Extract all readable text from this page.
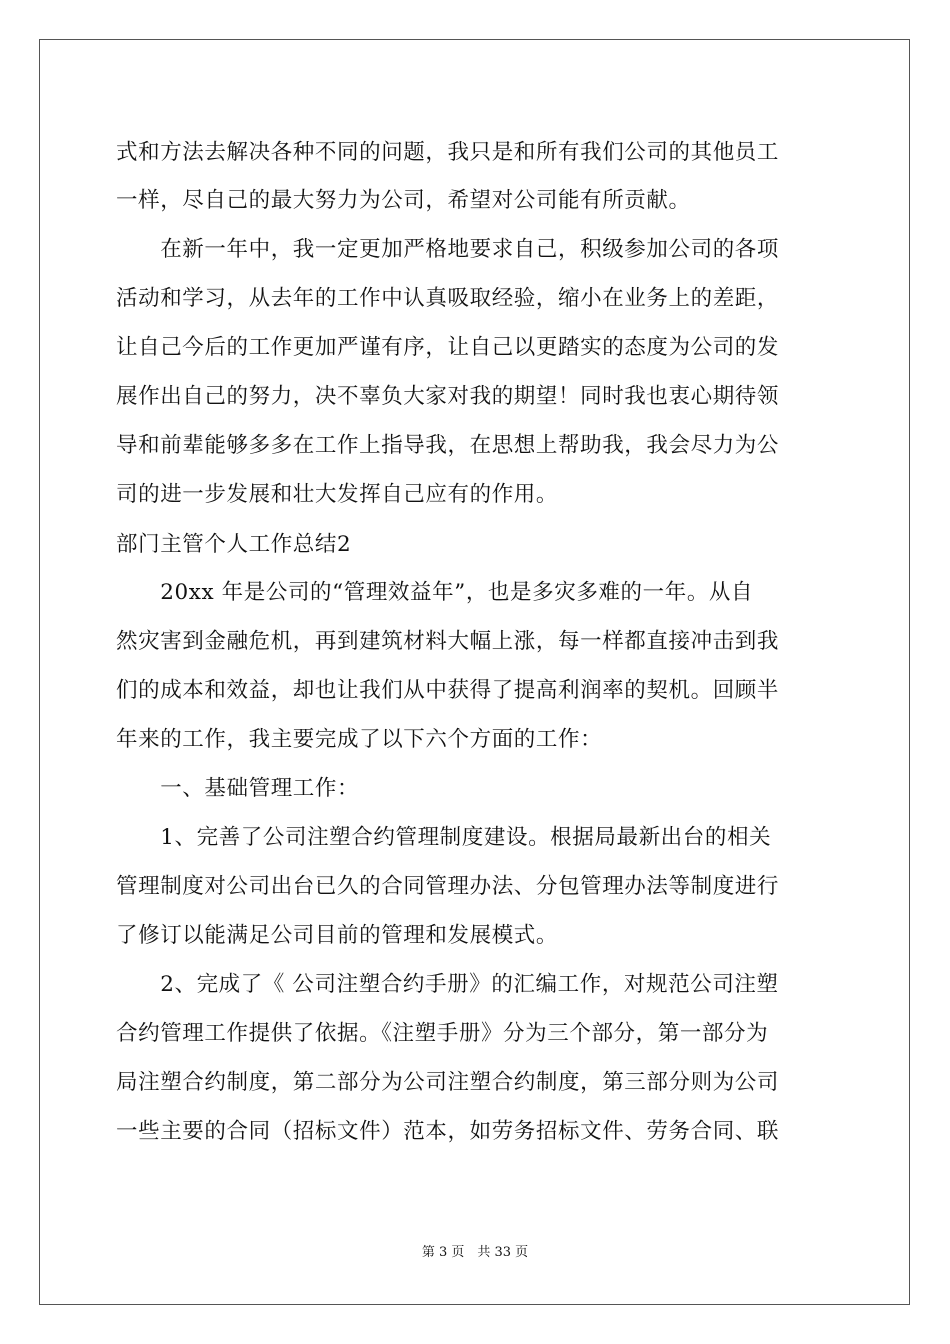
式和方法去解决各种不同的问题，我只是和所有我们公司的其他员工
一样，尽自己的最大努力为公司，希望对公司能有所贡献。
　　在新一年中，我一定更加严格地要求自己，积级参加公司的各项
活动和学习，从去年的工作中认真吸取经验，缩小在业务上的差距，
让自己今后的工作更加严谨有序，让自己以更踏实的态度为公司的发
展作出自己的努力，决不辜负大家对我的期望！同时我也衷心期待领
导和前辈能够多多在工作上指导我，在思想上帮助我，我会尽力为公
司的进一步发展和壮大发挥自己应有的作用。
部门主管个人工作总结2
　　20xx 年是公司的“管理效益年”，也是多灾多难的一年。从自
然灾害到金融危机，再到建筑材料大幅上涨，每一样都直接冲击到我
们的成本和效益，却也让我们从中获得了提高利润率的契机。回顾半
年来的工作，我主要完成了以下六个方面的工作：
　　一、基础管理工作：
　　1、完善了公司注塑合约管理制度建设。根据局最新出台的相关
管理制度对公司出台已久的合同管理办法、分包管理办法等制度进行
了修订以能满足公司目前的管理和发展模式。
　　2、完成了《 公司注塑合约手册》的汇编工作，对规范公司注塑
合约管理工作提供了依据。《注塑手册》分为三个部分，第一部分为
局注塑合约制度，第二部分为公司注塑合约制度，第三部分则为公司
一些主要的合同（招标文件）范本，如劳务招标文件、劳务合同、联
第 3 页　共 33 页
